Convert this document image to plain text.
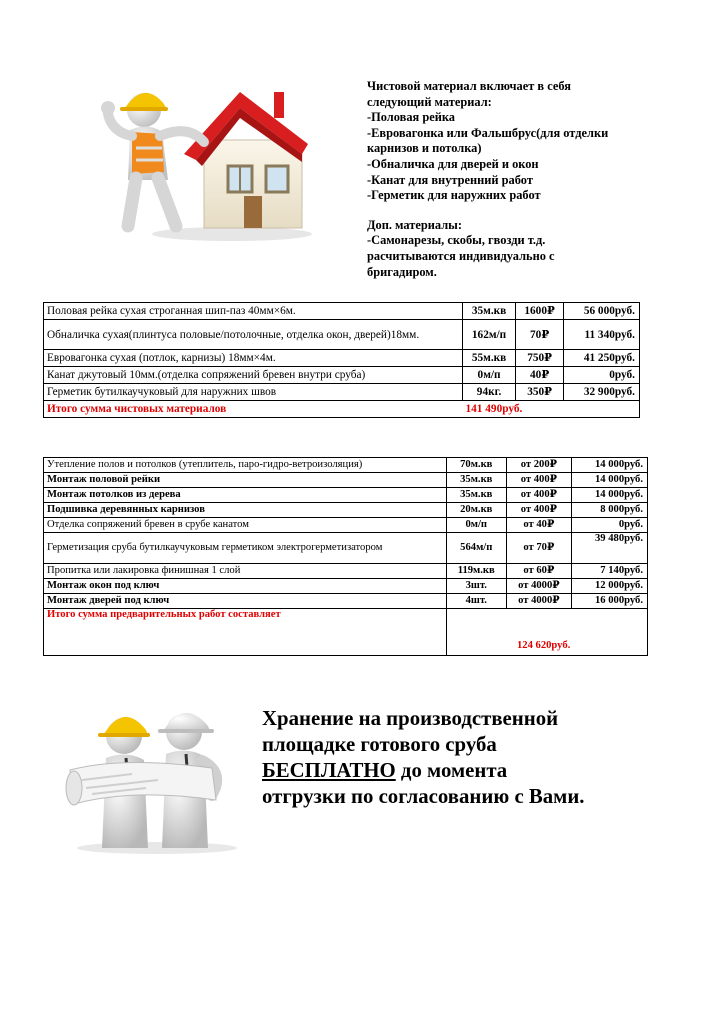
Чистовой материал включает в себя
следующий материал:
-Половая рейка
-Евровагонка или Фальшбрус(для отделки
карнизов и потолка)
-Обналичка для дверей и окон
-Канат для внутренний работ
-Герметик для наружних работ
Доп. материалы:
-Самонарезы, скобы, гвозди т.д.
расчитываются индивидуально с
бригадиром.
Половая рейка сухая строганная шип-паз 40мм×6м.	35м.кв	1600₽	56 000руб.
Обналичка сухая(плинтуса половые/потолочные, отделка окон, дверей)18мм.	162м/п	70₽	11 340руб.
Евровагонка сухая (потлок, карнизы) 18мм×4м.	55м.кв	750₽	41 250руб.
Канат джутовый 10мм.(отделка сопряжений бревен внутри сруба)	0м/п	40₽	0руб.
Герметик бутилкаучуковый для наружних швов	94кг.	350₽	32 900руб.
Итого сумма чистовых материалов	141 490руб.		
Утепление полов и потолков (утеплитель, паро-гидро-ветроизоляция)	70м.кв	от 200₽	14 000руб.
Монтаж половой рейки	35м.кв	от 400₽	14 000руб.
Монтаж потолков из дерева	35м.кв	от 400₽	14 000руб.
Подшивка деревянных карнизов	20м.кв	от 400₽	8 000руб.
Отделка сопряжений бревен в срубе канатом	0м/п	от 40₽	0руб.
Герметизация сруба бутилкаучуковым герметиком электрогерметизатором	564м/п	от 70₽	39 480руб.
Пропитка или лакировка финишная 1 слой	119м.кв	от 60₽	7 140руб.
Монтаж окон под ключ	3шт.	от 4000₽	12 000руб.
Монтаж дверей под ключ	4шт.	от 4000₽	16 000руб.
Итого сумма предварительных работ составляет	124 620руб.		
Хранение на производственной
площадке готового сруба
БЕСПЛАТНО до момента
отгрузки по согласованию с Вами.
